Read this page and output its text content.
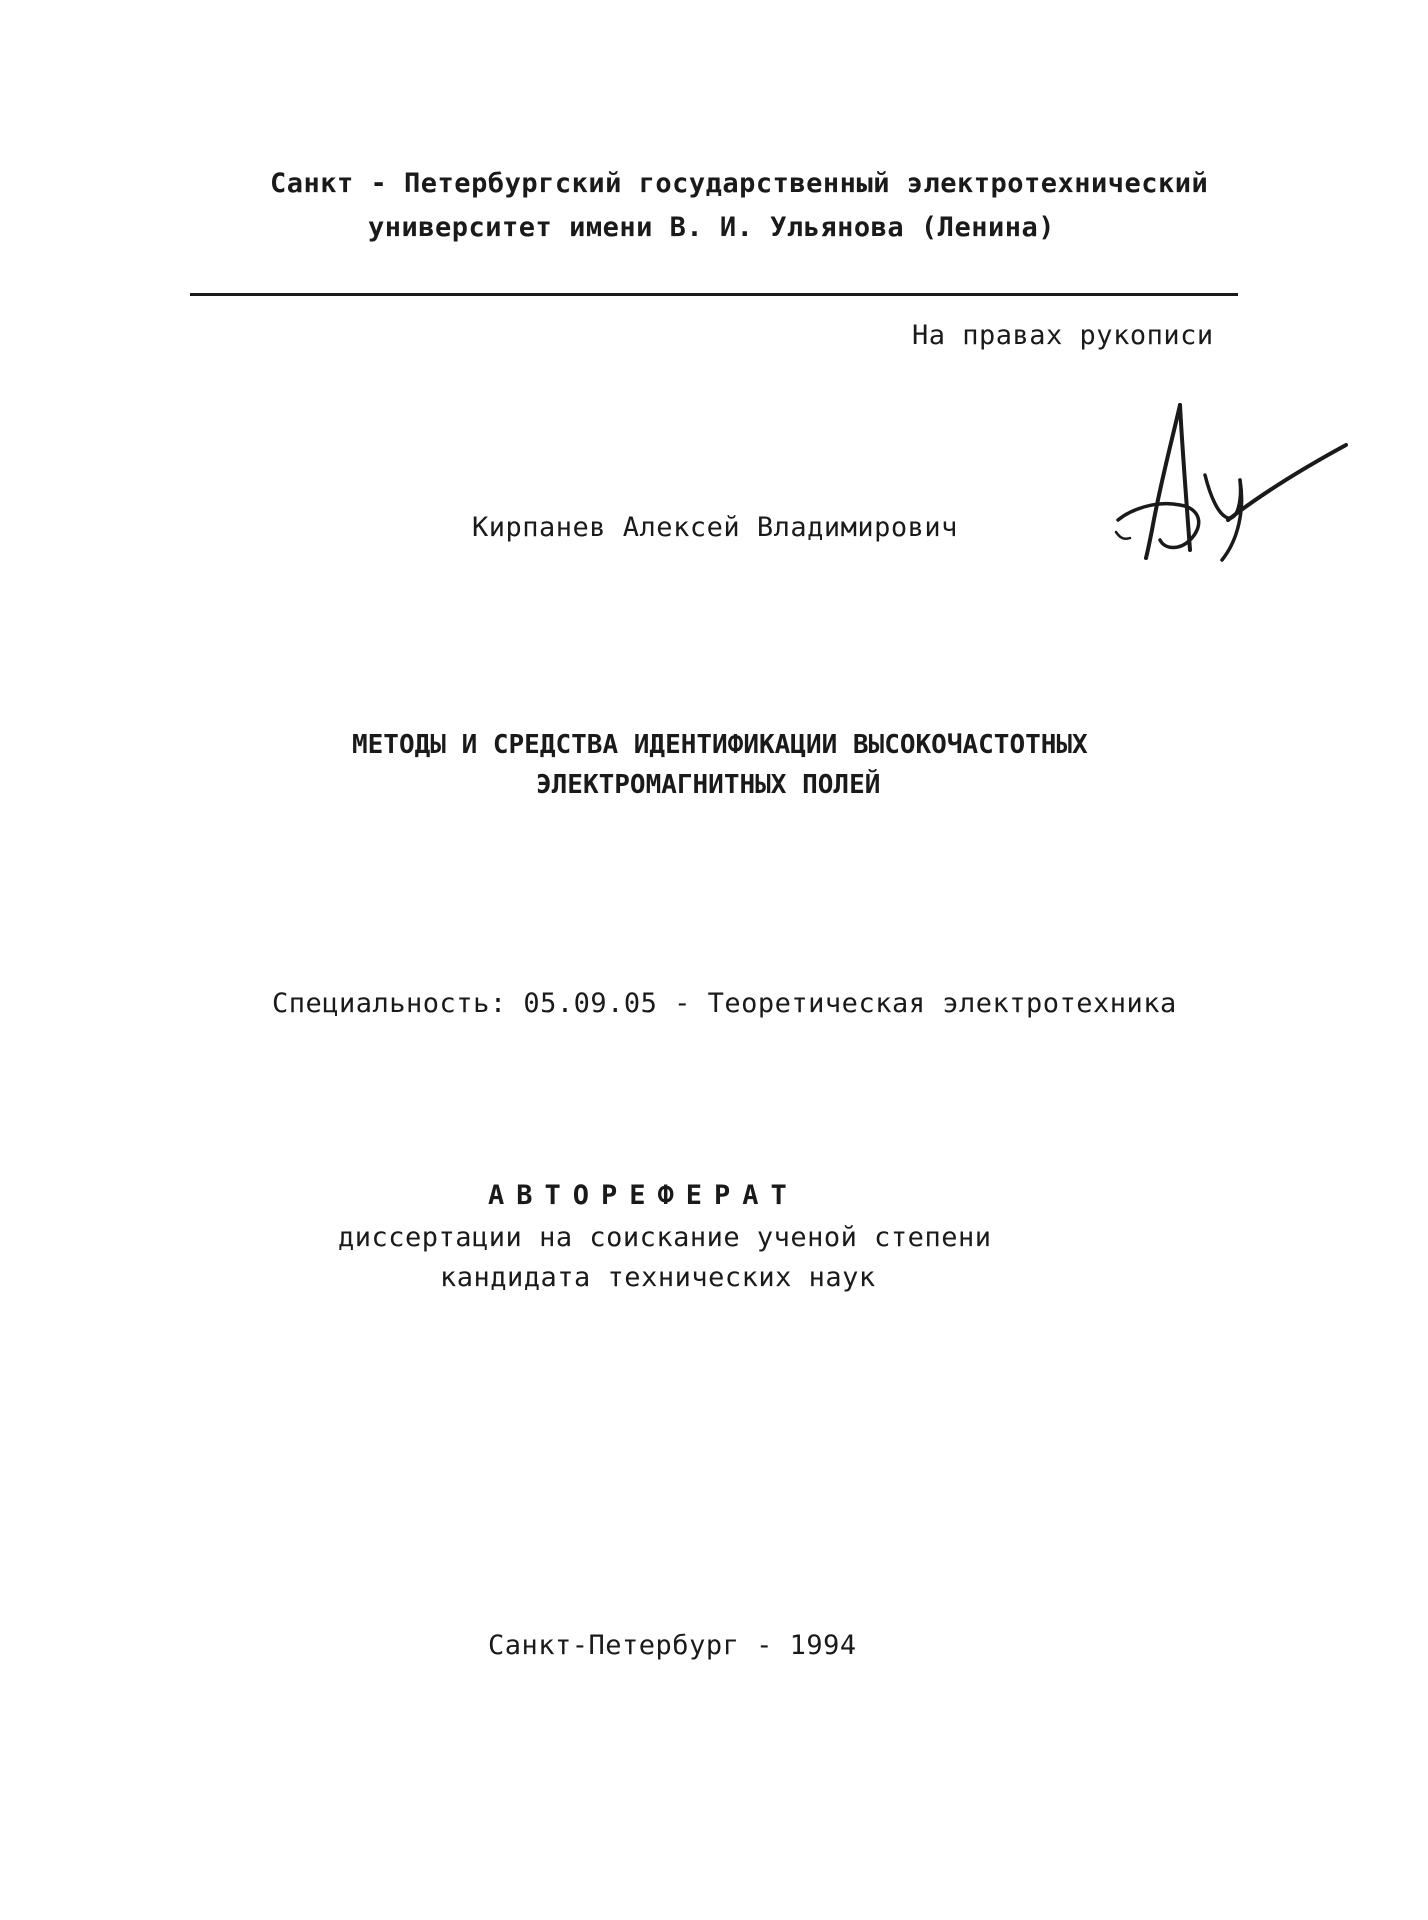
Санкт - Петербургский государственный электротехнический
университет имени В. И. Ульянова (Ленина)
На правах рукописи
Кирпанев Алексей Владимирович
МЕТОДЫ И СРЕДСТВА ИДЕНТИФИКАЦИИ ВЫСОКОЧАСТОТНЫХ
ЭЛЕКТРОМАГНИТНЫХ ПОЛЕЙ
Специальность: 05.09.05 - Теоретическая электротехника
АВТОРЕФЕРАТ
диссертации на соискание ученой степени
кандидата технических наук
Санкт-Петербург - 1994
